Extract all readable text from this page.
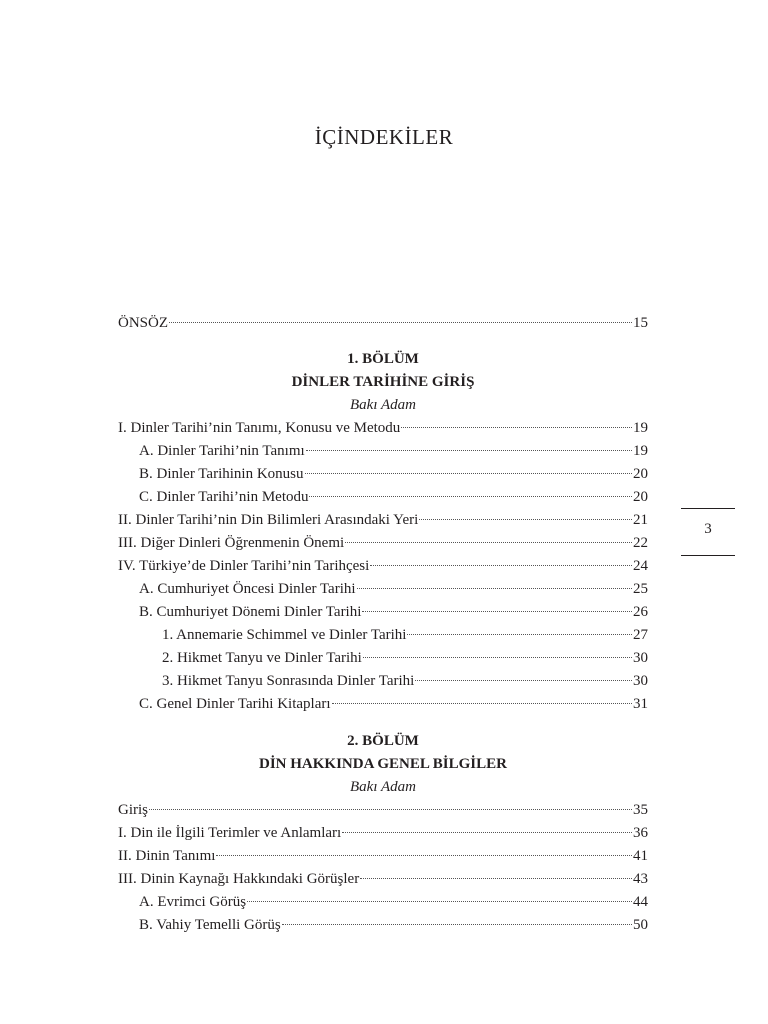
İÇİNDEKİLER
ÖNSÖZ	15
1. BÖLÜM
DİNLER TARİHİNE GİRİŞ
Bakı Adam
I. Dinler Tarihi’nin Tanımı, Konusu ve Metodu	19
A. Dinler Tarihi’nin Tanımı	19
B. Dinler Tarihinin Konusu	20
C. Dinler Tarihi’nin Metodu	20
II. Dinler Tarihi’nin Din Bilimleri Arasındaki Yeri	21
III. Diğer Dinleri Öğrenmenin Önemi	22
IV. Türkiye’de Dinler Tarihi’nin Tarihçesi	24
A. Cumhuriyet Öncesi Dinler Tarihi	25
B. Cumhuriyet Dönemi Dinler Tarihi	26
1. Annemarie Schimmel ve Dinler Tarihi	27
2. Hikmet Tanyu ve Dinler Tarihi	30
3. Hikmet Tanyu Sonrasında Dinler Tarihi	30
C. Genel Dinler Tarihi Kitapları	31
2. BÖLÜM
DİN HAKKINDA GENEL BİLGİLER
Bakı Adam
Giriş	35
I. Din ile İlgili Terimler ve Anlamları	36
II. Dinin Tanımı	41
III. Dinin Kaynağı Hakkındaki Görüşler	43
A. Evrimci Görüş	44
B. Vahiy Temelli Görüş	50
3
